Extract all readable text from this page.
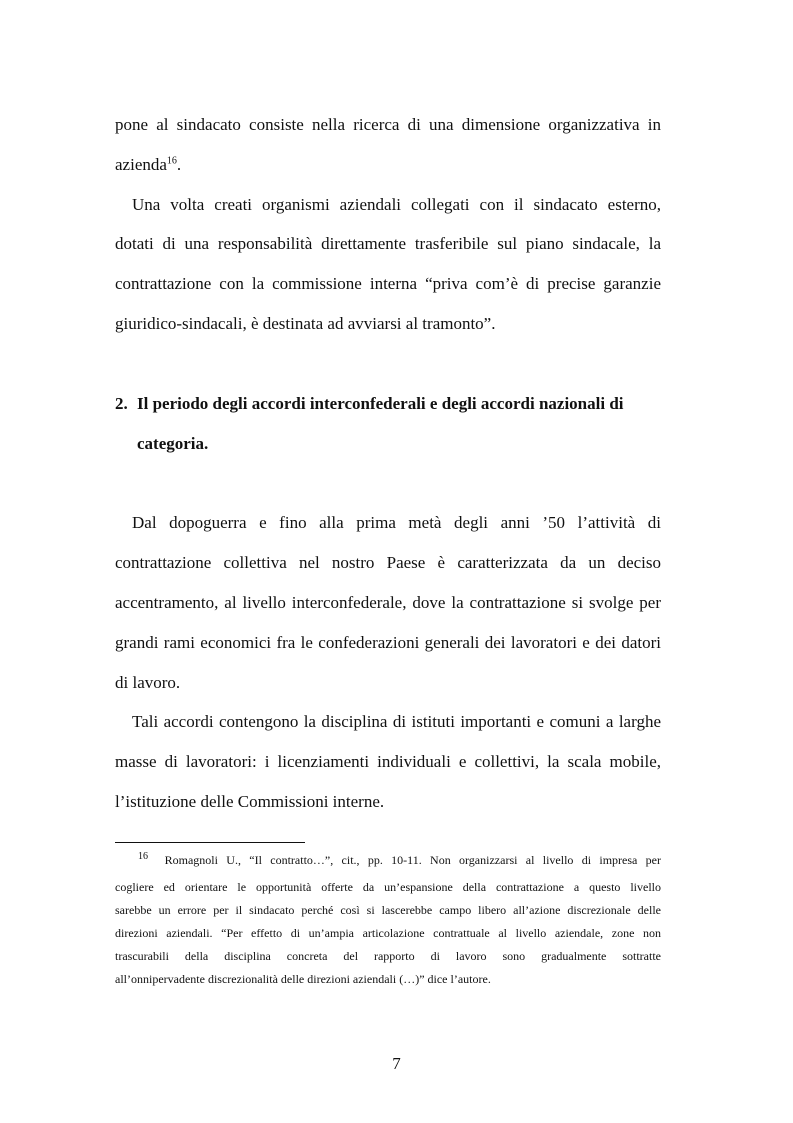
pone al sindacato consiste nella ricerca di una dimensione organizzativa in
azienda$^{16}$.
Una volta creati organismi aziendali collegati con il sindacato esterno,
dotati di una responsabilità direttamente trasferibile sul piano sindacale, la
contrattazione con la commissione interna “priva com’è di precise garanzie
giuridico-sindacali, è destinata ad avviarsi al tramonto”.
2. Il periodo degli accordi interconfederali e degli accordi nazionali di
categoria.
Dal dopoguerra e fino alla prima metà degli anni ’50 l’attività di
contrattazione collettiva nel nostro Paese è caratterizzata da un deciso
accentramento, al livello interconfederale, dove la contrattazione si svolge per
grandi rami economici fra le confederazioni generali dei lavoratori e dei datori
di lavoro.
Tali accordi contengono la disciplina di istituti importanti e comuni a larghe
masse di lavoratori: i licenziamenti individuali e collettivi, la scala mobile,
l’istituzione delle Commissioni interne.
$^{16}$ Romagnoli U., “Il contratto…”, cit., pp. 10-11. Non organizzarsi al livello di impresa per
cogliere ed orientare le opportunità offerte da un’espansione della contrattazione a questo livello
sarebbe un errore per il sindacato perché così si lascerebbe campo libero all’azione discrezionale delle
direzioni aziendali. “Per effetto di un’ampia articolazione contrattuale al livello aziendale, zone non
trascurabili della disciplina concreta del rapporto di lavoro sono gradualmente sottratte
all’onnipervadente discrezionalità delle direzioni aziendali (…)” dice l’autore.
7
